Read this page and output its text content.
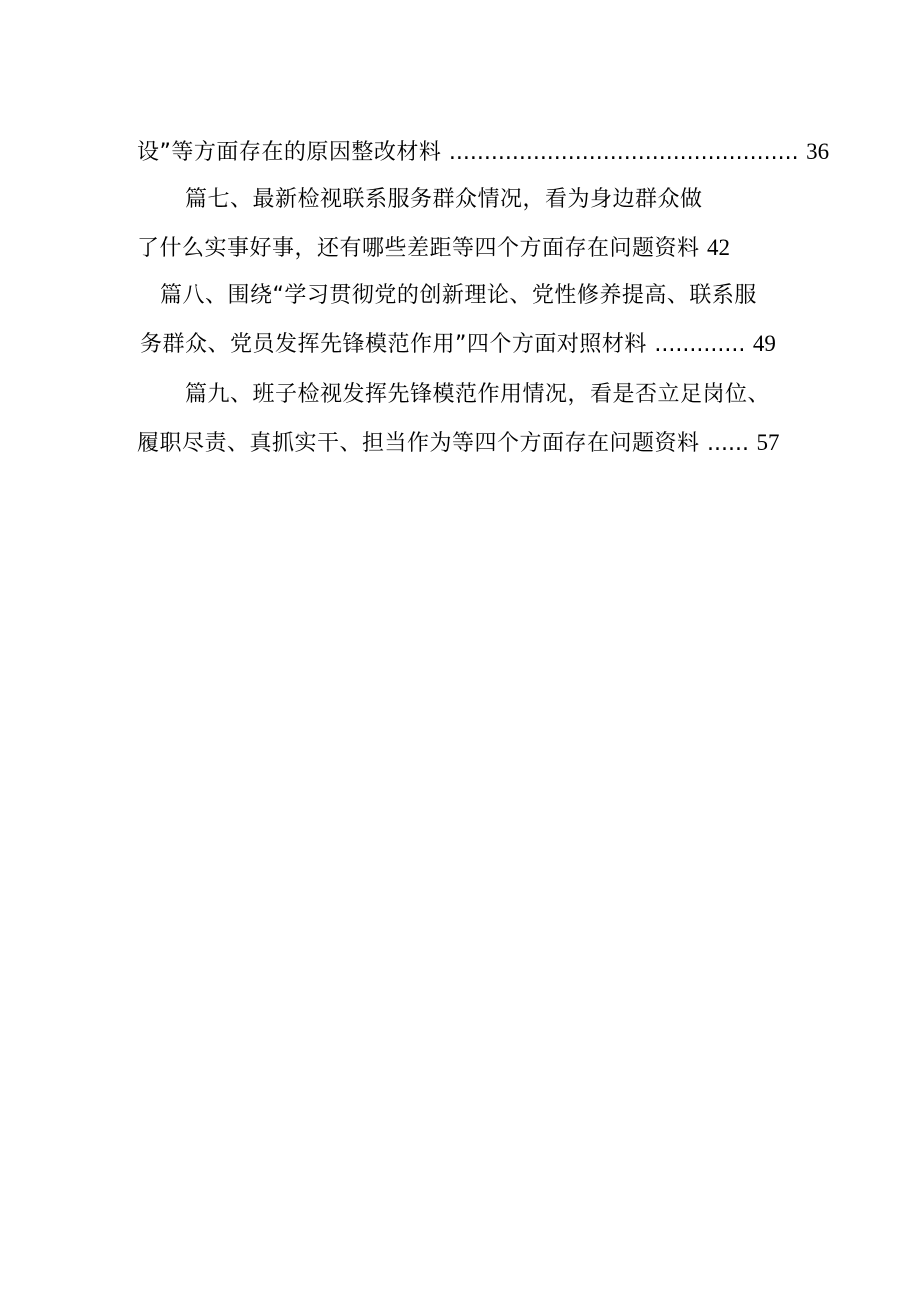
设”等方面存在的原因整改材料 .................................................. 36
篇七、最新检视联系服务群众情况，看为身边群众做
了什么实事好事，还有哪些差距等四个方面存在问题资料 42
篇八、围绕“学习贯彻党的创新理论、党性修养提高、联系服
务群众、党员发挥先锋模范作用”四个方面对照材料 ............. 49
篇九、班子检视发挥先锋模范作用情况，看是否立足岗位、
履职尽责、真抓实干、担当作为等四个方面存在问题资料 ...... 57
